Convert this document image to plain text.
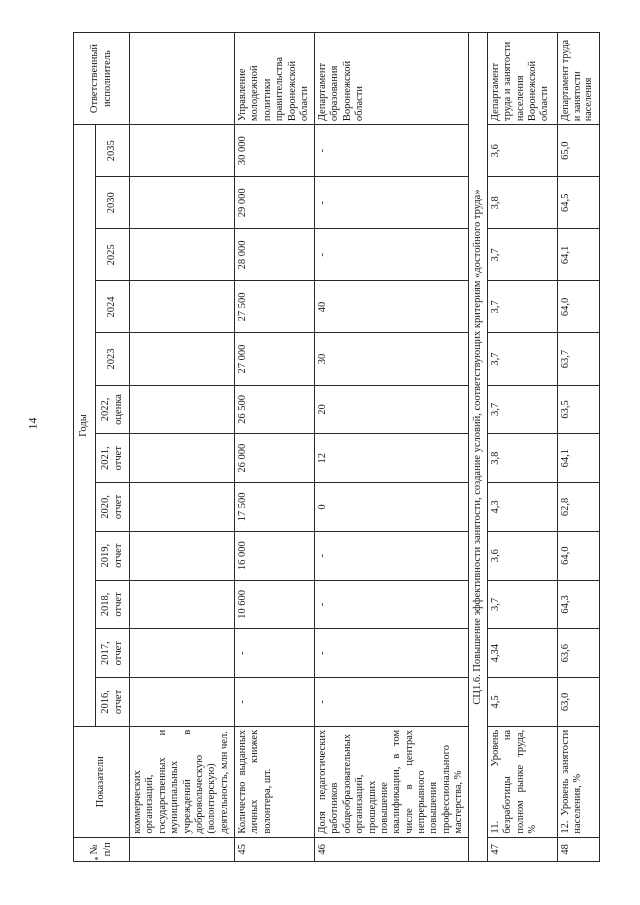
14
№ п/п	Показатели	Годы												Ответственный исполнитель
		2016, отчет	2017, отчет	2018, отчет	2019, отчет	2020, отчет	2021, отчет	2022, оценка	2023	2024	2025	2030	2035	
	коммерческих организаций, государственных и муниципальных учреждений в добровольческую (волонтерскую) деятельность, млн чел.													
45	Количество выданных личных книжек волонтера, шт.	-	-	10 600	16 000	17 500	26 000	26 500	27 000	27 500	28 000	29 000	30 000	Управление молодежной политики правительства Воронежской области
46	Доля педагогических работников общеобразовательных организаций, прошедших повышение квалификации, в том числе в центрах непрерывного повышения профессионального мастерства, %	-	-	-	-	0	12	20	30	40	-	-	-	Департамент образования Воронежской области
СЦ1.6. Повышение эффективности занятости, создание условий, соответствующих критериям «достойного труда»														
47	11. Уровень безработицы на полном рынке труда, %	4,5	4,34	3,7	3,6	4,3	3,8	3,7	3,7	3,7	3,7	3,8	3,6	Департамент труда и занятости населения Воронежской области
48	12. Уровень занятости населения, %	63,0	63,6	64,3	64,0	62,8	64,1	63,5	63,7	64,0	64,1	64,5	65,0	Департамент труда и занятости населения
